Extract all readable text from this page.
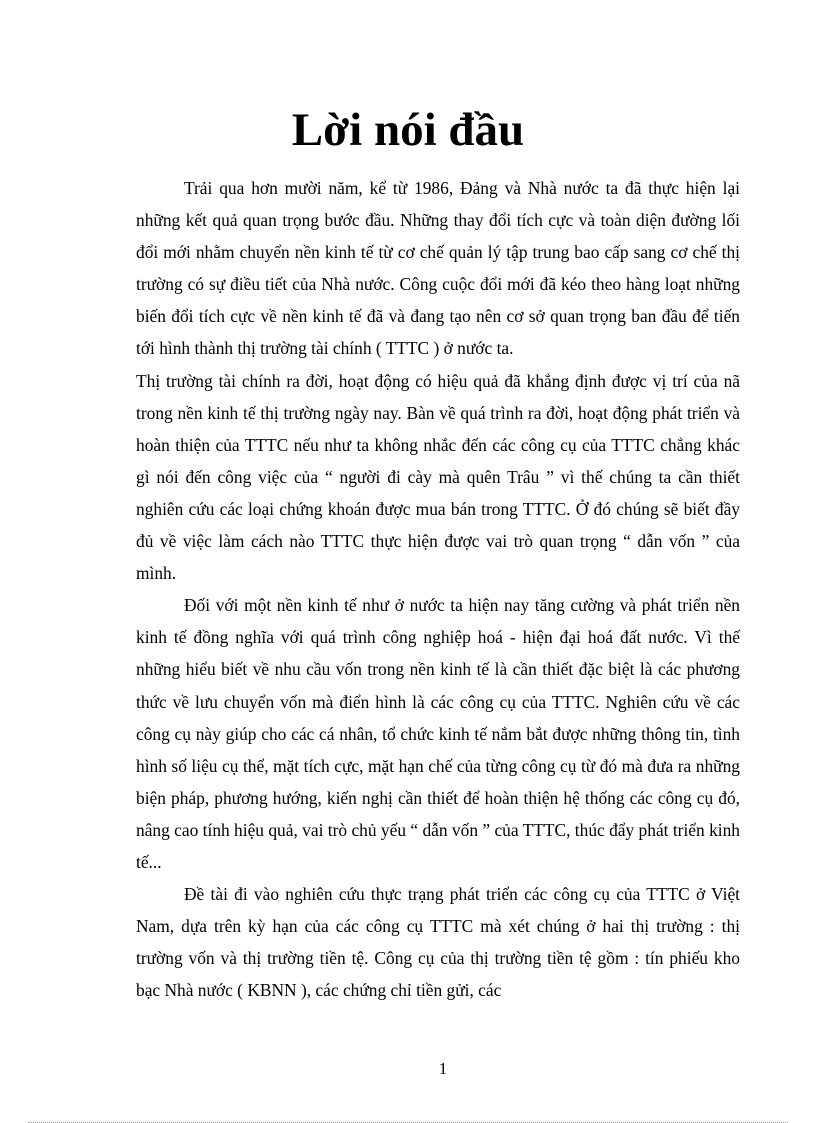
Lời nói đầu

Trải qua hơn mười năm, kể từ 1986, Đảng và Nhà nước ta đã thực hiện lại những kết quả quan trọng bước đầu. Những thay đổi tích cực và toàn diện đường lối đổi mới nhằm chuyển nền kinh tế từ cơ chế quản lý tập trung bao cấp sang cơ chế thị trường có sự điều tiết của Nhà nước. Công cuộc đổi mới đã kéo theo hàng loạt những biến đổi tích cực về nền kinh tế đã và đang tạo nên cơ sở quan trọng ban đầu để tiến tới hình thành thị trường tài chính ( TTTC ) ở nước ta.

Thị trường tài chính ra đời, hoạt động có hiệu quả đã khẳng định được vị trí của nã trong nền kinh tế thị trường ngày nay. Bàn về quá trình ra đời, hoạt động phát triển và hoàn thiện của TTTC nếu như ta không nhắc đến các công cụ của TTTC chẳng khác gì nói đến công việc của “ người đi cày mà quên Trâu ” vì thế chúng ta cần thiết nghiên cứu các loại chứng khoán được mua bán trong TTTC. Ở đó chúng sẽ biết đầy đủ về việc làm cách nào TTTC thực hiện được vai trò quan trọng “ dẫn vốn ” của mình.

Đối với một nền kinh tế như ở nước ta hiện nay tăng cường và phát triển nền kinh tế đồng nghĩa với quá trình công nghiệp hoá - hiện đại hoá đất nước. Vì thế những hiểu biết về nhu cầu vốn trong nền kinh tế là cần thiết đặc biệt là các phương thức về lưu chuyển vốn mà điển hình là các công cụ của TTTC. Nghiên cứu về các công cụ này giúp cho các cá nhân, tổ chức kinh tế nắm bắt được những thông tin, tình hình số liệu cụ thể, mặt tích cực, mặt hạn chế của từng công cụ từ đó mà đưa ra những biện pháp, phương hướng, kiến nghị cần thiết để hoàn thiện hệ thống các công cụ đó, nâng cao tính hiệu quả, vai trò chủ yếu “ dẫn vốn ” của TTTC, thúc đẩy phát triển kinh tế...

Đề tài đi vào nghiên cứu thực trạng phát triển các công cụ của TTTC ở Việt Nam, dựa trên kỳ hạn của các công cụ TTTC mà xét chúng ở hai thị trường : thị trường vốn và thị trường tiền tệ. Công cụ của thị trường tiền tệ gồm : tín phiếu kho bạc Nhà nước ( KBNN ), các chứng chỉ tiền gửi, các

1
